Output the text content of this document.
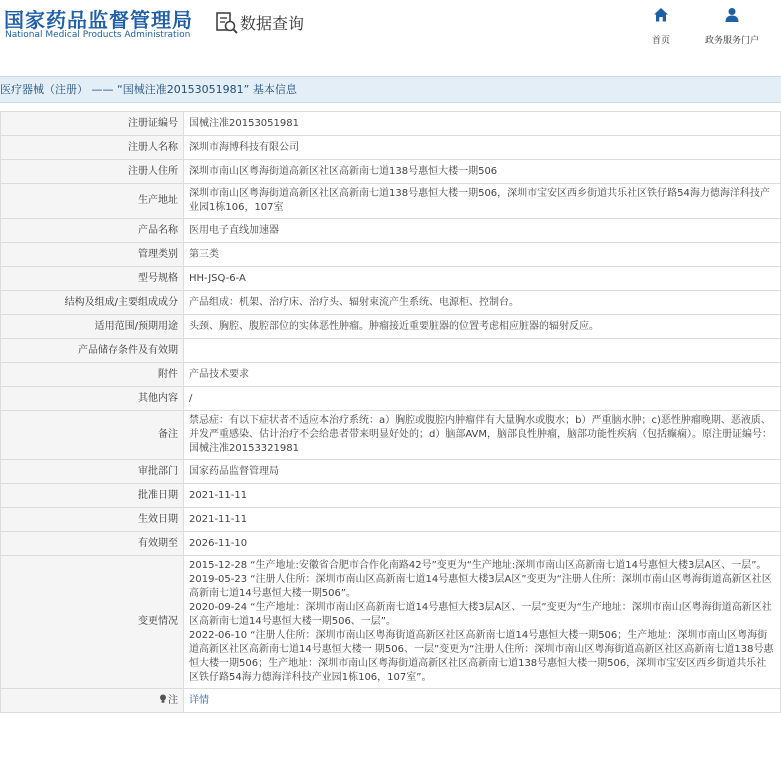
国家药品监督管理局
National Medical Products Administration
数据查询
首页	政务服务门户
医疗器械（注册） —— “国械注准20153051981” 基本信息
注册证编号	国械注准20153051981
注册人名称	深圳市海博科技有限公司
注册人住所	深圳市南山区粤海街道高新区社区高新南七道138号惠恒大楼一期506
生产地址	深圳市南山区粤海街道高新区社区高新南七道138号惠恒大楼一期506，深圳市宝安区西乡街道共乐社区铁仔路54海力德海洋科技产业园1栋106，107室
产品名称	医用电子直线加速器
管理类别	第三类
型号规格	HH-JSQ-6-A
结构及组成/主要组成成分	产品组成：机架、治疗床、治疗头、辐射束流产生系统、电源柜、控制台。
适用范围/预期用途	头颈、胸腔、腹腔部位的实体恶性肿瘤。肿瘤接近重要脏器的位置考虑相应脏器的辐射反应。
产品储存条件及有效期	
附件	产品技术要求
其他内容	/
备注	禁忌症：有以下症状者不适应本治疗系统：a）胸腔或腹腔内肿瘤伴有大量胸水或腹水；b）严重脑水肿；c)恶性肿瘤晚期、恶液质、并发严重感染、估计治疗不会给患者带来明显好处的；d）脑部AVM，脑部良性肿瘤，脑部功能性疾病（包括癫痫）。原注册证编号：国械注准20153321981
审批部门	国家药品监督管理局
批准日期	2021-11-11
生效日期	2021-11-11
有效期至	2026-11-10
变更情况	2015-12-28 “生产地址:安徽省合肥市合作化南路42号”变更为“生产地址:深圳市南山区高新南七道14号惠恒大楼3层A区、一层”。
2019-05-23 “注册人住所：深圳市南山区高新南七道14号惠恒大楼3层A区”变更为“注册人住所：深圳市南山区粤海街道高新区社区高新南七道14号惠恒大楼一期506”。
2020-09-24 “生产地址：深圳市南山区高新南七道14号惠恒大楼3层A区、一层”变更为“生产地址：深圳市南山区粤海街道高新区社区高新南七道14号惠恒大楼一期506、一层”。
2022-06-10 “注册人住所：深圳市南山区粤海街道高新区社区高新南七道14号惠恒大楼一期506；生产地址：深圳市南山区粤海街道高新区社区高新南七道14号惠恒大楼一 期506、一层”变更为“注册人住所：深圳市南山区粤海街道高新区社区高新南七道138号惠恒大楼一期506；生产地址：深圳市南山区粤海街道高新区社区高新南七道138号惠恒大楼一期506，深圳市宝安区西乡街道共乐社区铁仔路54海力德海洋科技产业园1栋106，107室”。
注	详情
